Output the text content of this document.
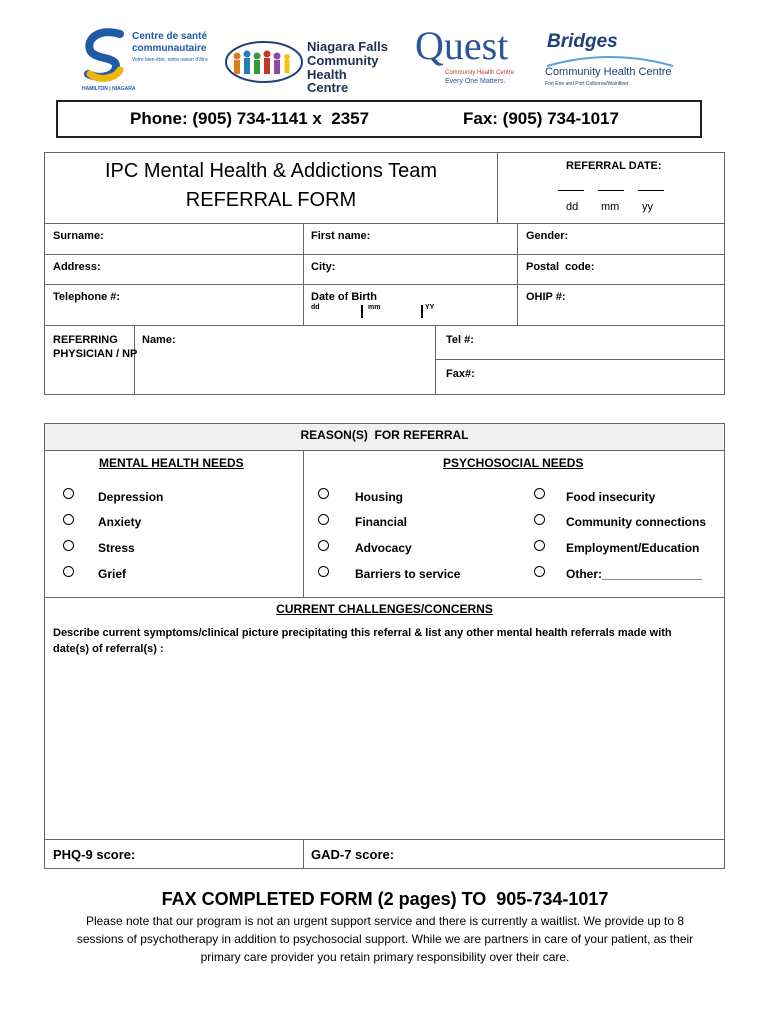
Centre de santé
communautaire
Votre bien-être, notre raison d'être
HAMILTON | NIAGARA
Niagara Falls
Community
Health Centre
Quest
Community Health Centre
Every One Matters.
Bridges
Community Health Centre
Fort Erie and Port Colborne/Wainfleet
Phone: (905) 734-1141 x  2357	Fax: (905) 734-1017
IPC Mental Health & Addictions Team
REFERRAL FORM
REFERRAL DATE:
dd mm yy
Surname:	First name:	Gender:
Address:	City:	Postal  code:
Telephone #:	Date of Birth
dd	mm	YY
OHIP #:
REFERRING
PHYSICIAN / NP
Name:	Tel #:
Fax#:
REASON(S)  FOR REFERRAL
MENTAL HEALTH NEEDS	PSYCHOSOCIAL NEEDS
Depression
Anxiety
Stress
Grief
Housing
Financial
Advocacy
Barriers to service
Food insecurity
Community connections
Employment/Education
Other:_______________
CURRENT CHALLENGES/CONCERNS
Describe current symptoms/clinical picture precipitating this referral & list any other mental health referrals made with
date(s) of referral(s) :
PHQ-9 score:	GAD-7 score:
FAX COMPLETED FORM (2 pages) TO  905-734-1017
Please note that our program is not an urgent support service and there is currently a waitlist. We provide up to 8
sessions of psychotherapy in addition to psychosocial support. While we are partners in care of your patient, as their
primary care provider you retain primary responsibility over their care.
